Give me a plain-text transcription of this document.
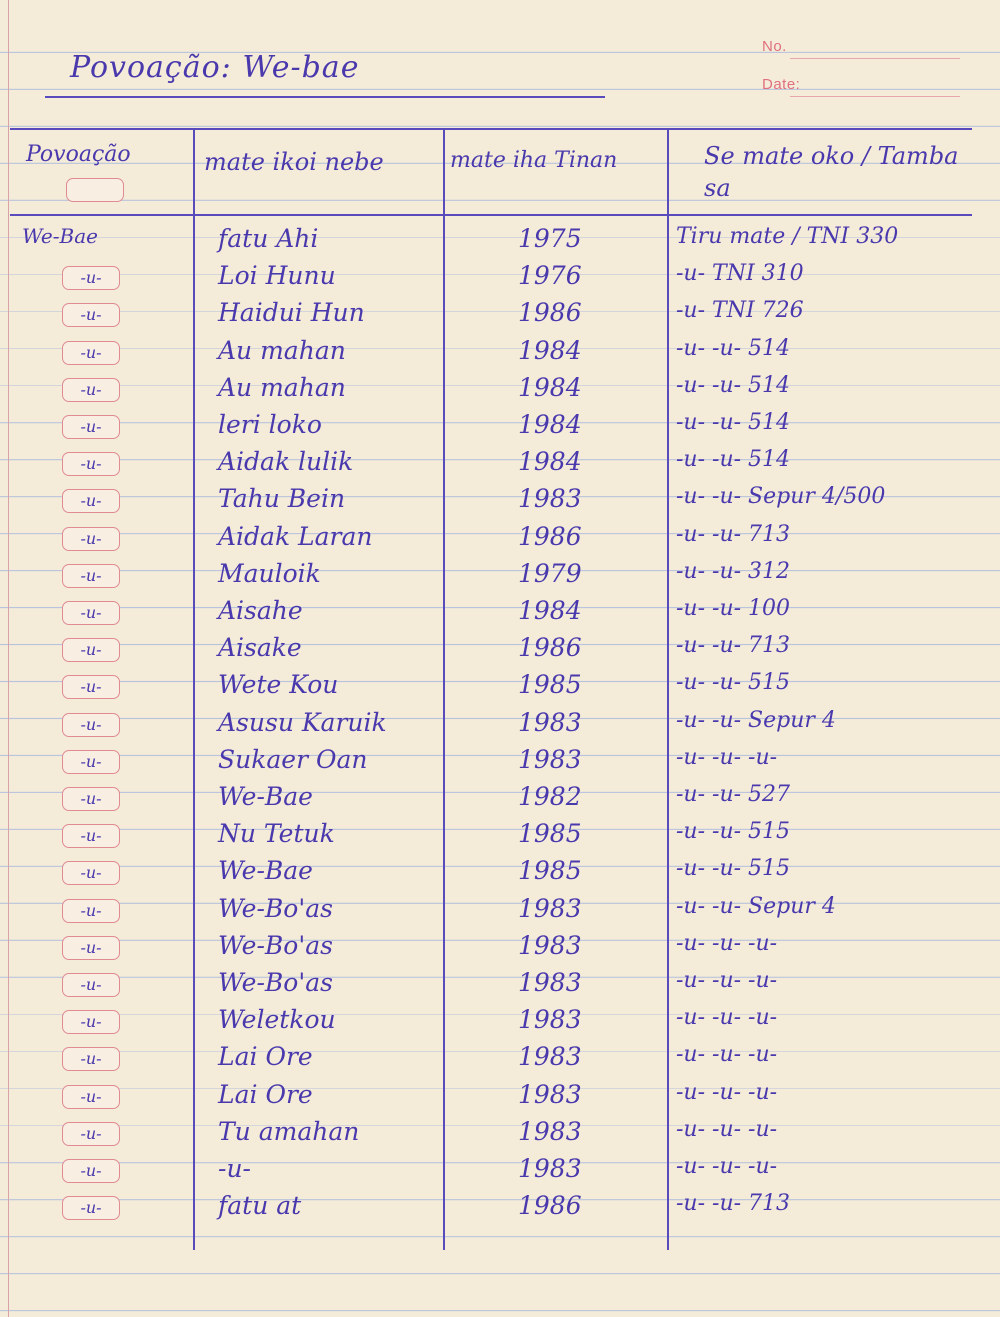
No.
Date:
Povoação: We-bae
Povoação	mate ikoi nebe	mate iha Tinan	Se mate oko / Tamba sa
We-Bae	fatu Ahi	1975	Tiru mate / TNI 330
-u-	Loi Hunu	1976	-u- TNI 310
-u-	Haidui Hun	1986	-u- TNI 726
-u-	Au mahan	1984	-u- -u- 514
-u-	Au mahan	1984	-u- -u- 514
-u-	leri loko	1984	-u- -u- 514
-u-	Aidak lulik	1984	-u- -u- 514
-u-	Tahu Bein	1983	-u- -u- Sepur 4/500
-u-	Aidak Laran	1986	-u- -u- 713
-u-	Mauloik	1979	-u- -u- 312
-u-	Aisahe	1984	-u- -u- 100
-u-	Aisake	1986	-u- -u- 713
-u-	Wete Kou	1985	-u- -u- 515
-u-	Asusu Karuik	1983	-u- -u- Sepur 4
-u-	Sukaer Oan	1983	-u- -u- -u-
-u-	We-Bae	1982	-u- -u- 527
-u-	Nu Tetuk	1985	-u- -u- 515
-u-	We-Bae	1985	-u- -u- 515
-u-	We-Bo'as	1983	-u- -u- Sepur 4
-u-	We-Bo'as	1983	-u- -u- -u-
-u-	We-Bo'as	1983	-u- -u- -u-
-u-	Weletkou	1983	-u- -u- -u-
-u-	Lai Ore	1983	-u- -u- -u-
-u-	Lai Ore	1983	-u- -u- -u-
-u-	Tu amahan	1983	-u- -u- -u-
-u-	-u-	1983	-u- -u- -u-
-u-	fatu at	1986	-u- -u- 713
